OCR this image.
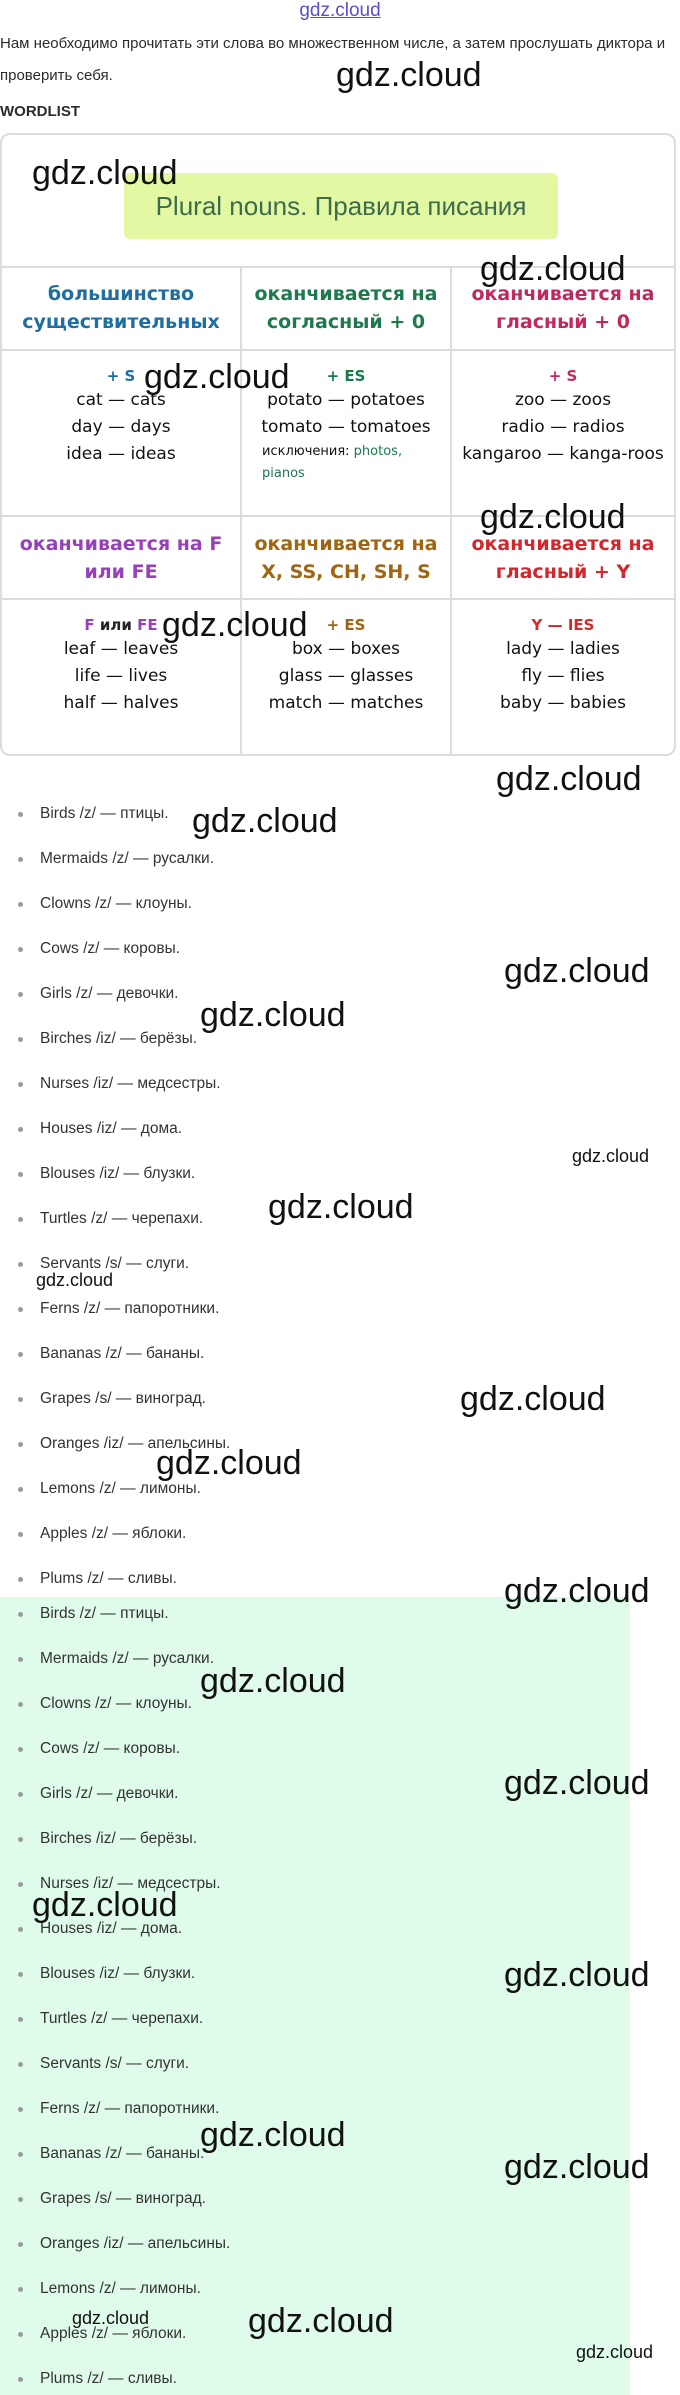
gdz.cloud
Нам необходимо прочитать эти слова во множественном числе, а затем прослушать диктора и проверить себя.
WORDLIST
Plural nouns. Правила писания
большинство существительных
оканчивается на согласный + 0
оканчивается на гласный + 0
+ S
cat — cats
day — days
idea — ideas
+ ES
potato — potatoes
tomato — tomatoes
исключения: photos, pianos
+ S
zoo — zoos
radio — radios
kangaroo — kanga-roos
оканчивается на F или FE
оканчивается на X, SS, CH, SH, S
оканчивается на гласный + Y
F или FE
leaf — leaves
life — lives
half — halves
+ ES
box — boxes
glass — glasses
match — matches
Y — IES
lady — ladies
fly — flies
baby — babies
Birds /z/ — птицы.
Mermaids /z/ — русалки.
Clowns /z/ — клоуны.
Cows /z/ — коровы.
Girls /z/ — девочки.
Birches /iz/ — берёзы.
Nurses /iz/ — медсестры.
Houses /iz/ — дома.
Blouses /iz/ — блузки.
Turtles /z/ — черепахи.
Servants /s/ — слуги.
Ferns /z/ — папоротники.
Bananas /z/ — бананы.
Grapes /s/ — виноград.
Oranges /iz/ — апельсины.
Lemons /z/ — лимоны.
Apples /z/ — яблоки.
Plums /z/ — сливы.
Birds /z/ — птицы.
Mermaids /z/ — русалки.
Clowns /z/ — клоуны.
Cows /z/ — коровы.
Girls /z/ — девочки.
Birches /iz/ — берёзы.
Nurses /iz/ — медсестры.
Houses /iz/ — дома.
Blouses /iz/ — блузки.
Turtles /z/ — черепахи.
Servants /s/ — слуги.
Ferns /z/ — папоротники.
Bananas /z/ — бананы.
Grapes /s/ — виноград.
Oranges /iz/ — апельсины.
Lemons /z/ — лимоны.
Apples /z/ — яблоки.
Plums /z/ — сливы.
gdz.cloud
gdz.cloud
gdz.cloud
gdz.cloud
gdz.cloud
gdz.cloud
gdz.cloud
gdz.cloud
gdz.cloud
gdz.cloud
gdz.cloud
gdz.cloud
gdz.cloud
gdz.cloud
gdz.cloud
gdz.cloud
gdz.cloud
gdz.cloud
gdz.cloud
gdz.cloud
gdz.cloud
gdz.cloud
gdz.cloud	gdz.cloud
gdz.cloud
